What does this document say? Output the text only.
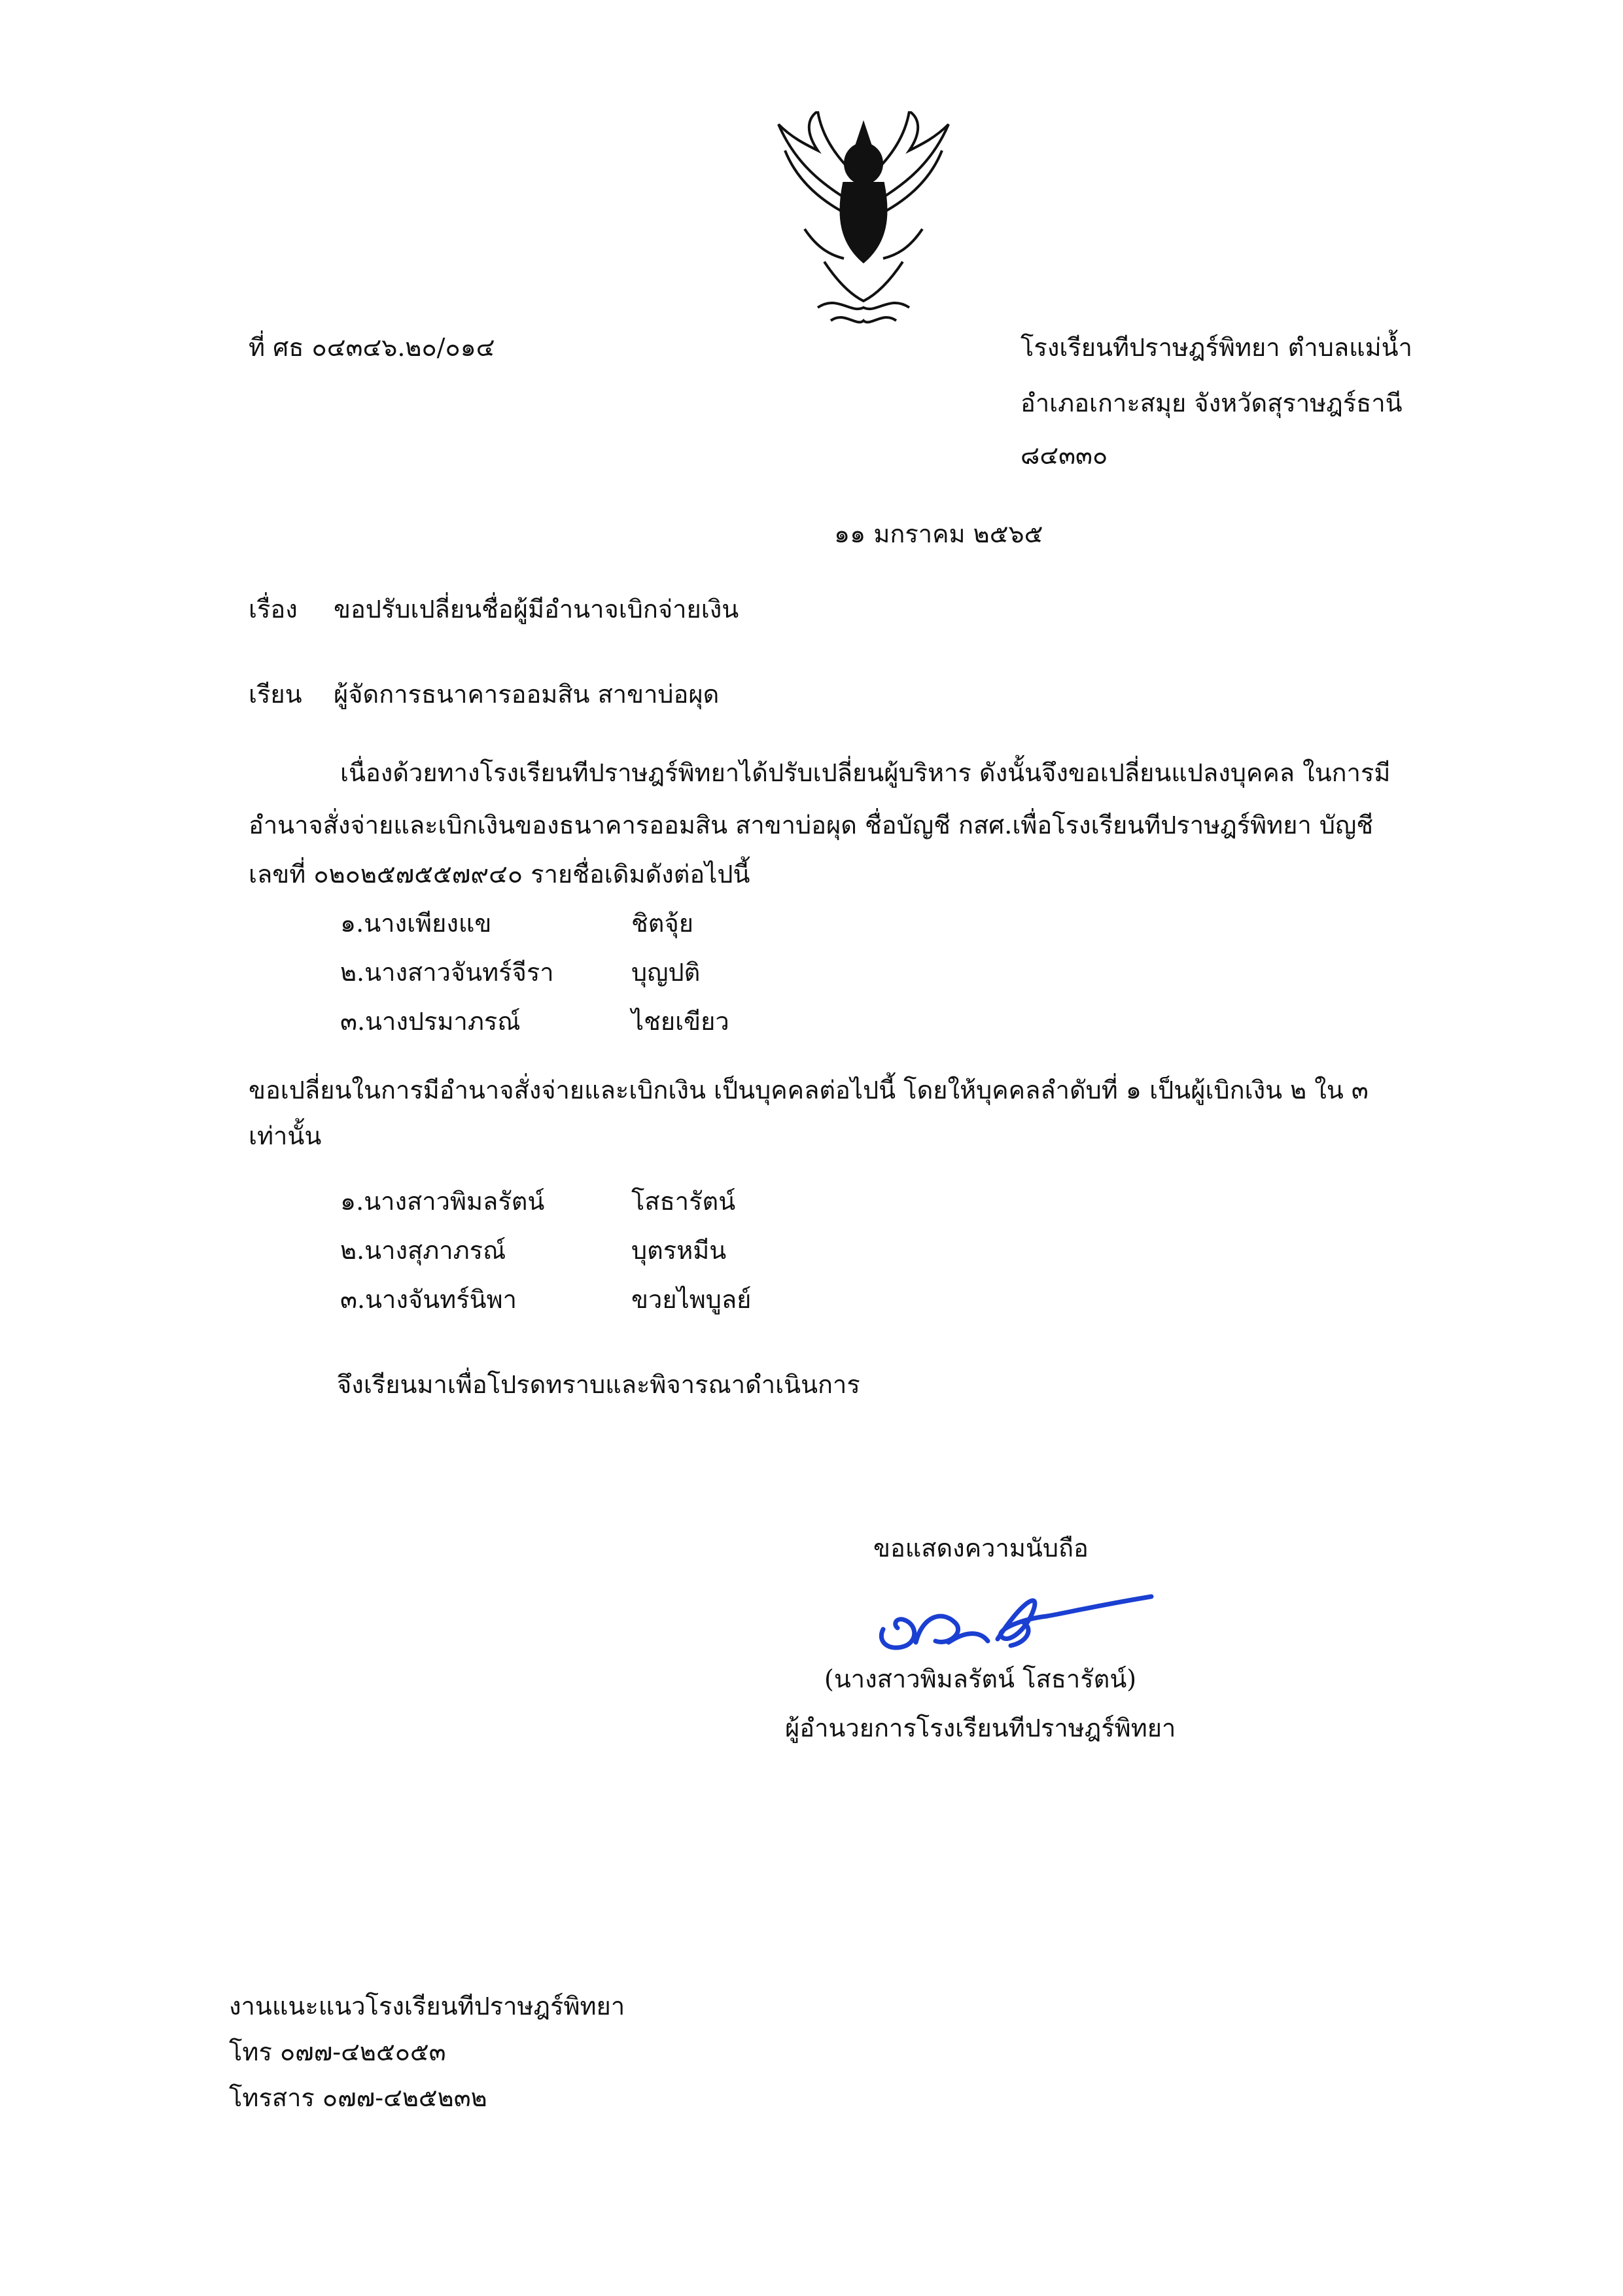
ที่ ศธ ๐๔๓๔๖.๒๐/๐๑๔	โรงเรียนทีปราษฎร์พิทยา ตำบลแม่น้ำ
อำเภอเกาะสมุย จังหวัดสุราษฎร์ธานี
๘๔๓๓๐
๑๑ มกราคม ๒๕๖๕
เรื่อง ขอปรับเปลี่ยนชื่อผู้มีอำนาจเบิกจ่ายเงิน
เรียน ผู้จัดการธนาคารออมสิน สาขาบ่อผุด
เนื่องด้วยทางโรงเรียนทีปราษฎร์พิทยาได้ปรับเปลี่ยนผู้บริหาร ดังนั้นจึงขอเปลี่ยนแปลงบุคคล ในการมี
อำนาจสั่งจ่ายและเบิกเงินของธนาคารออมสิน สาขาบ่อผุด ชื่อบัญชี กสศ.เพื่อโรงเรียนทีปราษฎร์พิทยา บัญชี
เลขที่ ๐๒๐๒๕๗๕๕๗๙๔๐ รายชื่อเดิมดังต่อไปนี้
๑.นางเพียงแข	ชิตจุ้ย
๒.นางสาวจันทร์จีรา	บุญปติ
๓.นางปรมาภรณ์	ไชยเขียว
ขอเปลี่ยนในการมีอำนาจสั่งจ่ายและเบิกเงิน เป็นบุคคลต่อไปนี้ โดยให้บุคคลลำดับที่ ๑ เป็นผู้เบิกเงิน ๒ ใน ๓
เท่านั้น
๑.นางสาวพิมลรัตน์	โสธารัตน์
๒.นางสุภาภรณ์	บุตรหมีน
๓.นางจันทร์นิพา	ขวยไพบูลย์
จึงเรียนมาเพื่อโปรดทราบและพิจารณาดำเนินการ
ขอแสดงความนับถือ
(นางสาวพิมลรัตน์ โสธารัตน์)
ผู้อำนวยการโรงเรียนทีปราษฎร์พิทยา
งานแนะแนวโรงเรียนทีปราษฎร์พิทยา
โทร ๐๗๗-๔๒๕๐๕๓
โทรสาร ๐๗๗-๔๒๕๒๓๒
